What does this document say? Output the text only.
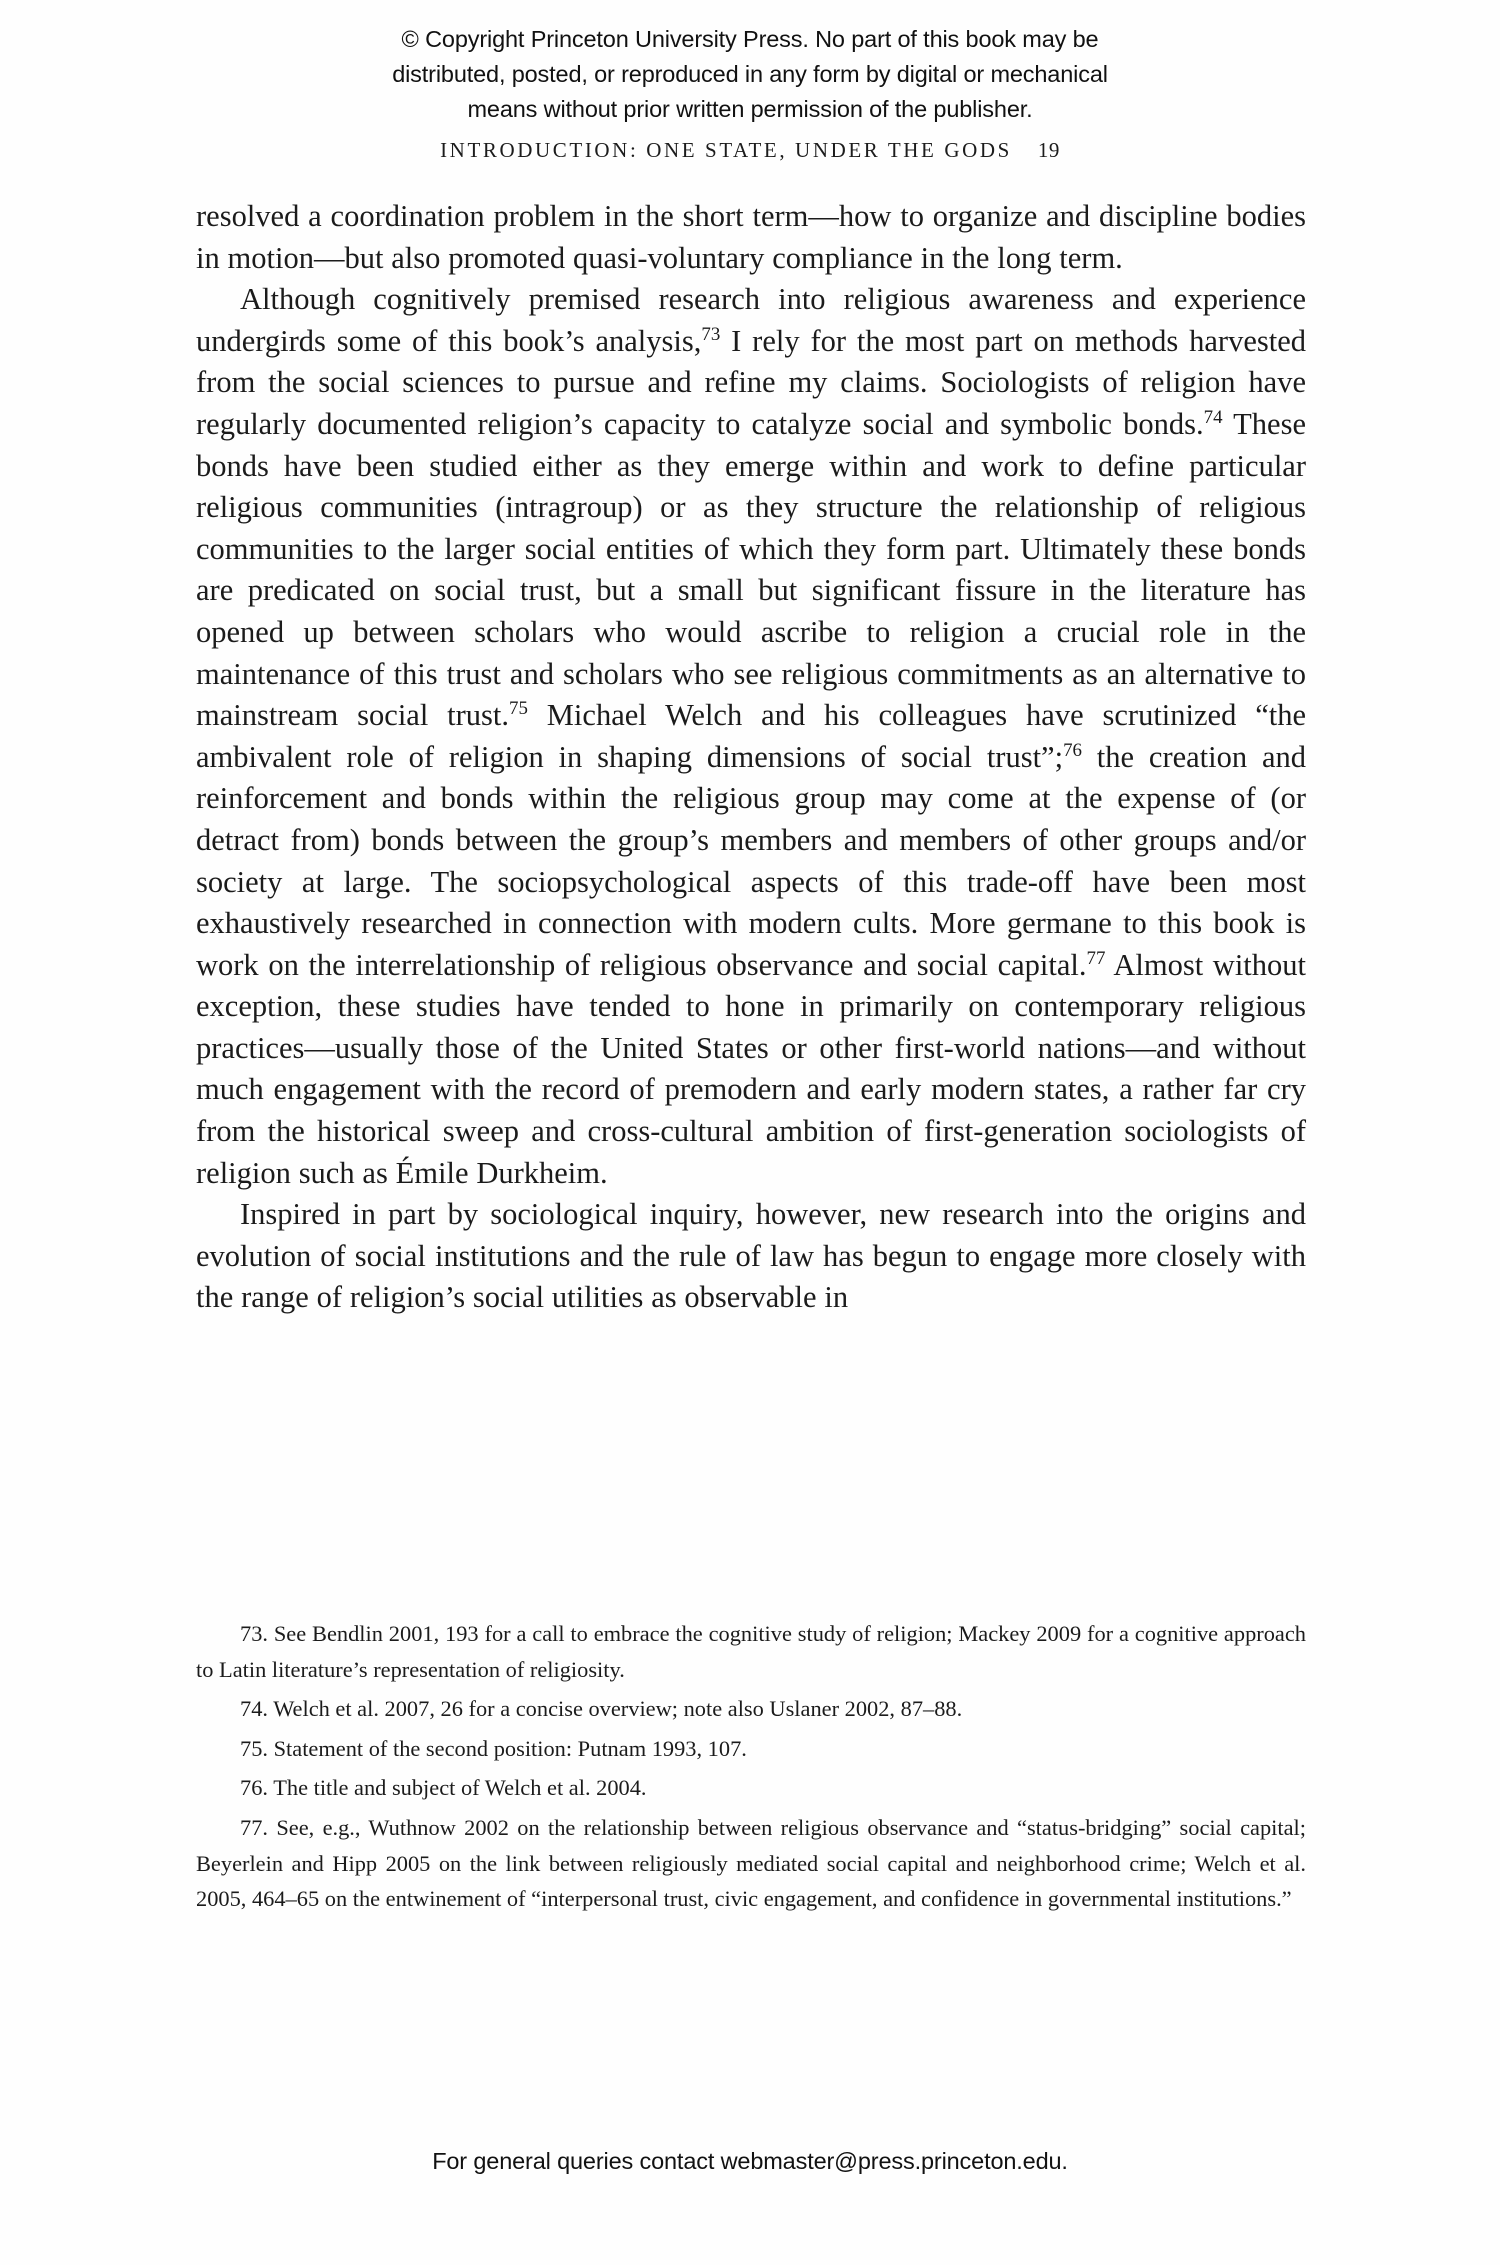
© Copyright Princeton University Press. No part of this book may be
distributed, posted, or reproduced in any form by digital or mechanical
means without prior written permission of the publisher.
INTRODUCTION: ONE STATE, UNDER THE GODS 19

resolved a coordination problem in the short term—how to organize and discipline bodies in motion—but also promoted quasi-voluntary compliance in the long term.

Although cognitively premised research into religious awareness and experience undergirds some of this book’s analysis,$^{73}$ I rely for the most part on methods harvested from the social sciences to pursue and refine my claims. Sociologists of religion have regularly documented religion’s capacity to catalyze social and symbolic bonds.$^{74}$ These bonds have been studied either as they emerge within and work to define particular religious communities (intragroup) or as they structure the relationship of religious communities to the larger social entities of which they form part. Ultimately these bonds are predicated on social trust, but a small but significant fissure in the literature has opened up between scholars who would ascribe to religion a crucial role in the maintenance of this trust and scholars who see religious commitments as an alternative to mainstream social trust.$^{75}$ Michael Welch and his colleagues have scrutinized “the ambivalent role of religion in shaping dimensions of social trust”;$^{76}$ the creation and reinforcement and bonds within the religious group may come at the expense of (or detract from) bonds between the group’s members and members of other groups and/or society at large. The sociopsychological aspects of this trade-off have been most exhaustively researched in connection with modern cults. More germane to this book is work on the interrelationship of religious observance and social capital.$^{77}$ Almost without exception, these studies have tended to hone in primarily on contemporary religious practices—usually those of the United States or other first-world nations—and without much engagement with the record of premodern and early modern states, a rather far cry from the historical sweep and cross-cultural ambition of first-generation sociologists of religion such as Émile Durkheim.

Inspired in part by sociological inquiry, however, new research into the origins and evolution of social institutions and the rule of law has begun to engage more closely with the range of religion’s social utilities as observable in

73. See Bendlin 2001, 193 for a call to embrace the cognitive study of religion; Mackey 2009 for a cognitive approach to Latin literature’s representation of religiosity.

74. Welch et al. 2007, 26 for a concise overview; note also Uslaner 2002, 87–88.

75. Statement of the second position: Putnam 1993, 107.

76. The title and subject of Welch et al. 2004.

77. See, e.g., Wuthnow 2002 on the relationship between religious observance and “status-bridging” social capital; Beyerlein and Hipp 2005 on the link between religiously mediated social capital and neighborhood crime; Welch et al. 2005, 464–65 on the entwinement of “interpersonal trust, civic engagement, and confidence in governmental institutions.”

For general queries contact webmaster@press.princeton.edu.
